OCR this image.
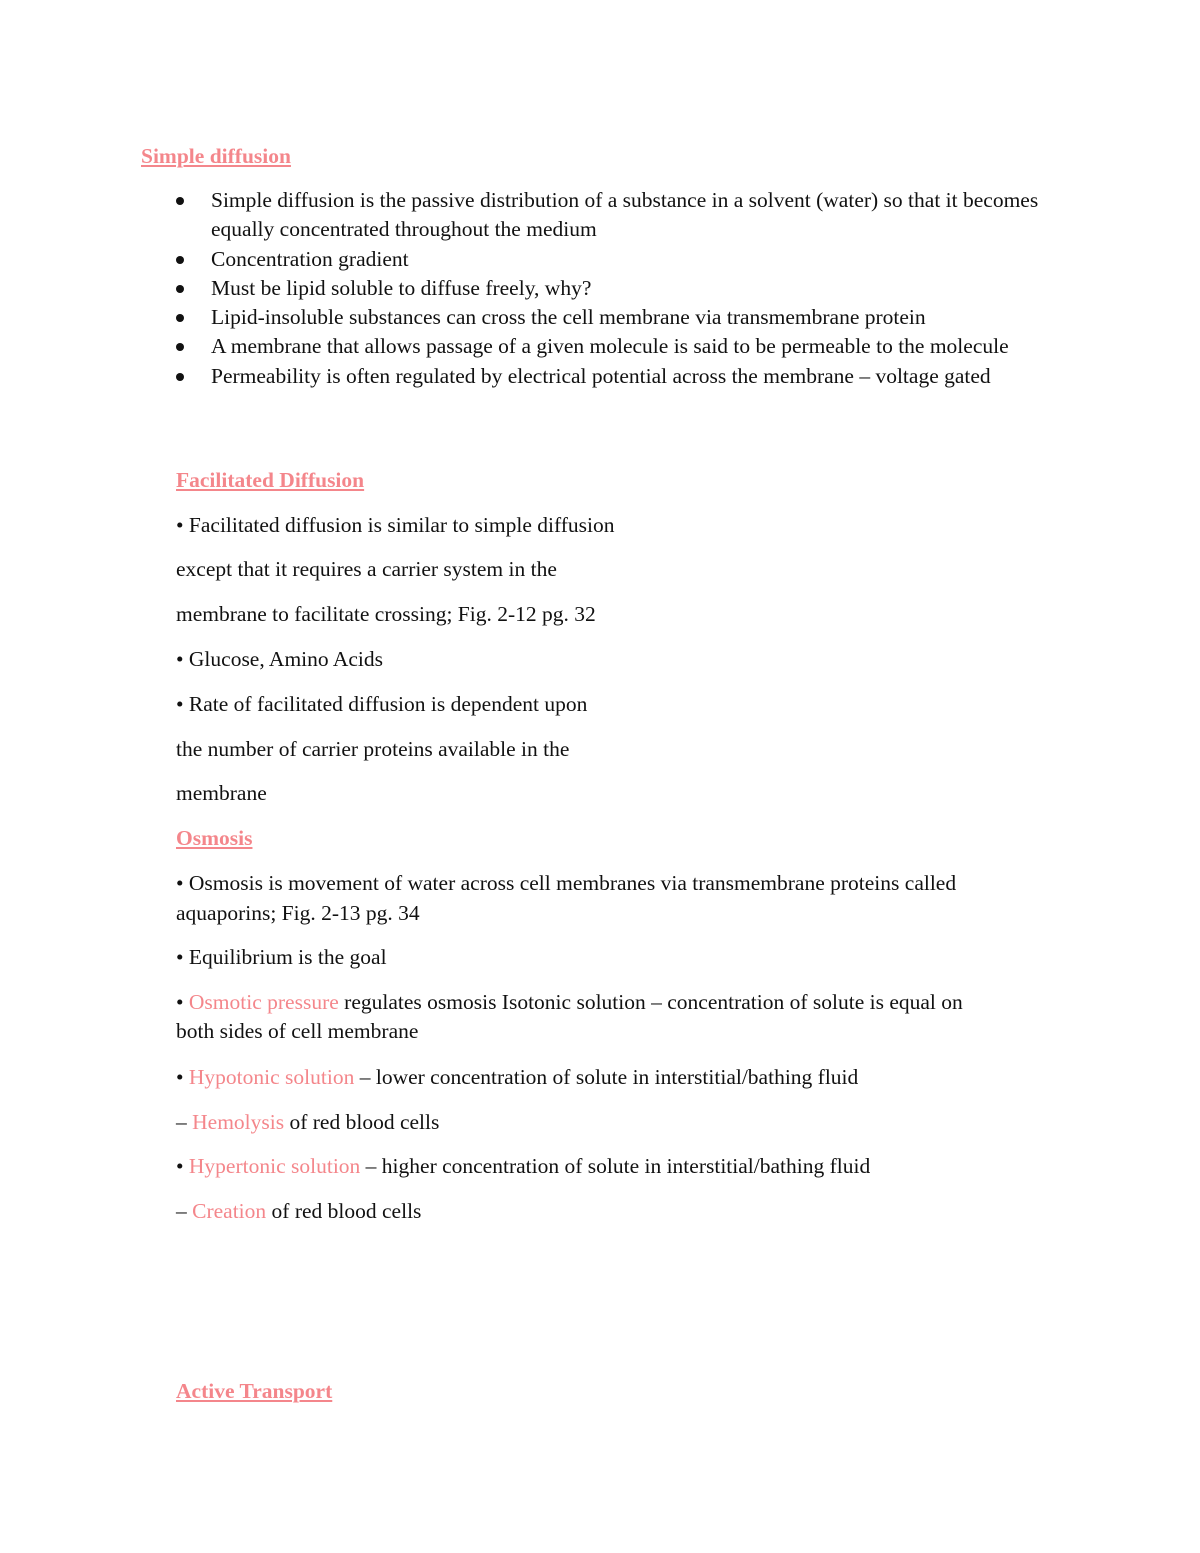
Simple diffusion
Simple diffusion is the passive distribution of a substance in a solvent (water) so that it becomes equally concentrated throughout the medium
Concentration gradient
Must be lipid soluble to diffuse freely, why?
Lipid-insoluble substances can cross the cell membrane via transmembrane protein
A membrane that allows passage of a given molecule is said to be permeable to the molecule
Permeability is often regulated by electrical potential across the membrane – voltage gated
Facilitated Diffusion

• Facilitated diffusion is similar to simple diffusion

except that it requires a carrier system in the

membrane to facilitate crossing; Fig. 2-12 pg. 32

• Glucose, Amino Acids

• Rate of facilitated diffusion is dependent upon

the number of carrier proteins available in the

membrane

Osmosis

• Osmosis is movement of water across cell membranes via transmembrane proteins called

aquaporins; Fig. 2-13 pg. 34

• Equilibrium is the goal

• Osmotic pressure regulates osmosis Isotonic solution – concentration of solute is equal on

both sides of cell membrane

• Hypotonic solution – lower concentration of solute in interstitial/bathing fluid

– Hemolysis of red blood cells

• Hypertonic solution – higher concentration of solute in interstitial/bathing fluid

– Creation of red blood cells

Active Transport
